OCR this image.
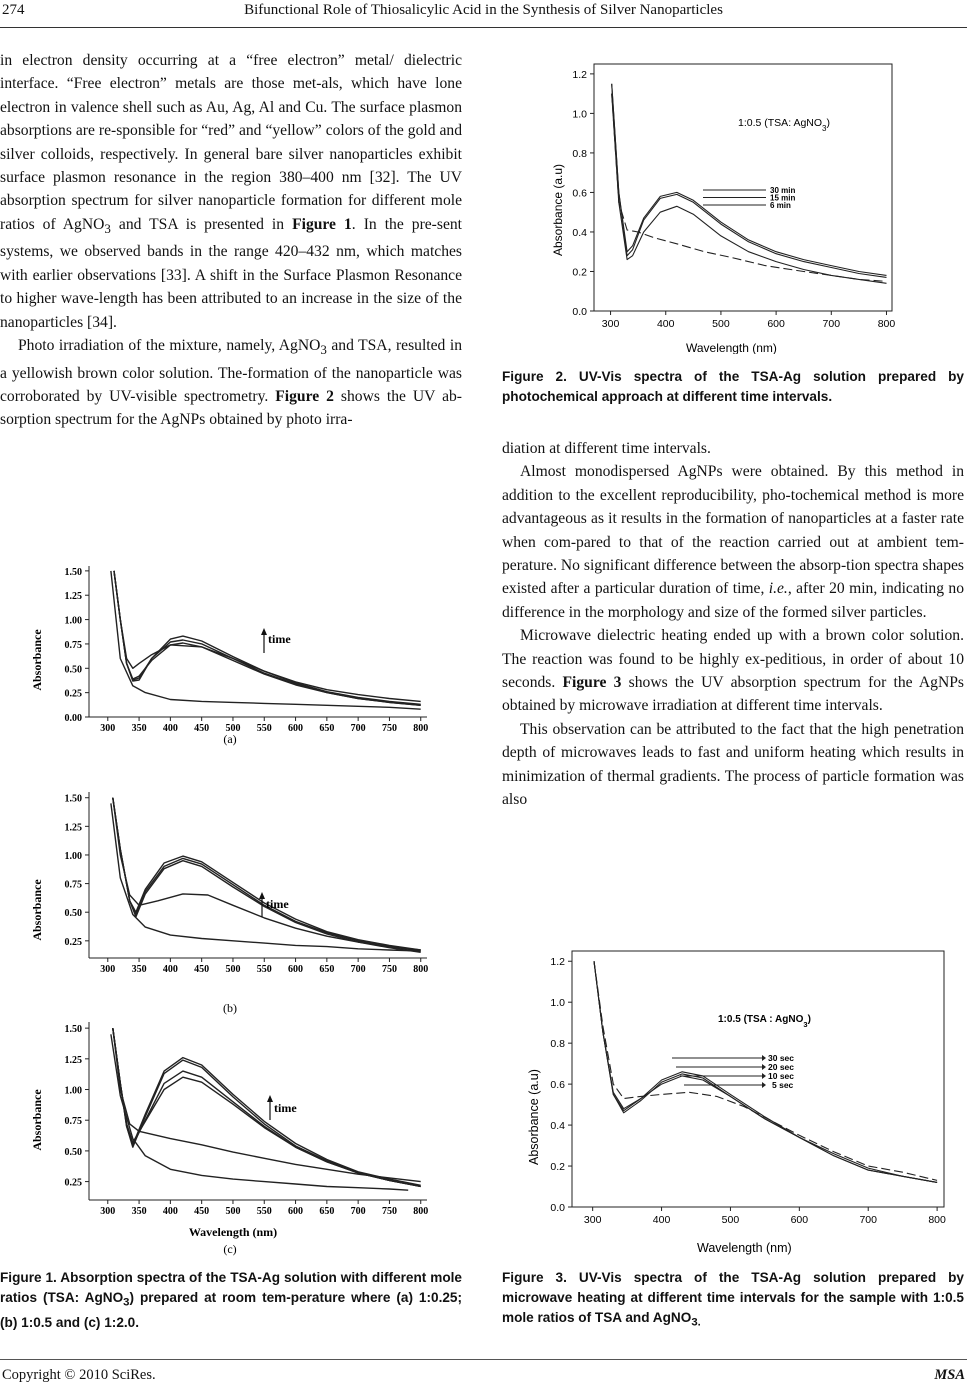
274	Bifunctional Role of Thiosalicylic Acid in the Synthesis of Silver Nanoparticles

in electron density occurring at a “free electron” metal/ dielectric interface. “Free electron” metals are those met-als, which have lone electron in valence shell such as Au, Ag, Al and Cu. The surface plasmon absorptions are re-sponsible for “red” and “yellow” colors of the gold and silver colloids, respectively. In general bare silver nanoparticles exhibit surface plasmon resonance in the region 380–400 nm [32]. The UV absorption spectrum for silver nanoparticle formation for different mole ratios of AgNO$_3$ and TSA is presented in Figure 1. In the pre-sent systems, we observed bands in the range 420–432 nm, which matches with earlier observations [33]. A shift in the Surface Plasmon Resonance to higher wave-length has been attributed to an increase in the size of the nanoparticles [34].

Photo irradiation of the mixture, namely, AgNO$_3$ and TSA, resulted in a yellowish brown color solution. The-formation of the nanoparticle was corroborated by UV-visible spectrometry. Figure 2 shows the UV ab-sorption spectrum for the AgNPs obtained by photo irra-

300	400	500	600	700	800
0.0
0.2
0.4
0.6
0.8
1.0
1.2
30 min
15 min
6 min
Wavelength (nm)
Absorbance (a.u)
1:0.5 (TSA: AgNO$_3$)
Figure 2. UV-Vis spectra of the TSA-Ag solution prepared by photochemical approach at different time intervals.

diation at different time intervals.

Almost monodispersed AgNPs were obtained. By this method in addition to the excellent reproducibility, pho-tochemical method is more advantageous as it results in the formation of nanoparticles at a faster rate when com-pared to that of the reaction carried out at ambient tem-perature. No significant difference between the absorp-tion spectra shapes existed after a particular duration of time, i.e., after 20 min, indicating no difference in the morphology and size of the formed silver particles.

Microwave dielectric heating ended up with a brown color solution. The reaction was found to be highly ex-peditious, in order of about 10 seconds. Figure 3 shows the UV absorption spectrum for the AgNPs obtained by microwave irradiation at different time intervals.

This observation can be attributed to the fact that the high penetration depth of microwaves leads to fast and uniform heating which results in minimization of thermal gradients. The process of particle formation was also

300 350 400 450 500 550 600 650 700 750 800
0.00
0.25
0.50
0.75
1.00
1.25
1.50
300 350 400 450 500 550 600 650 700 750 800
0.25
0.50
0.75
1.00
1.25
1.50
300 350 400 450 500 550 600 650 700 750 800
0.25
0.50
0.75
1.00
1.25
1.50
(a)
(b)
(c)
Wavelength (nm)
Absorbance
Absorbance
Absorbance
time
time
time
Figure 1. Absorption spectra of the TSA-Ag solution with different mole ratios (TSA: AgNO$_3$) prepared at room tem-perature where (a) 1:0.25; (b) 1:0.5 and (c) 1:2.0.
300	400	500	600	700	800
0.0
0.2
0.4
0.6
0.8
1.0
1.2
30 sec
20 sec
10 sec
5 sec
Wavelength (nm)
Absorbance (a.u)
1:0.5 (TSA : AgNO$_3$)
Figure 3. UV-Vis spectra of the TSA-Ag solution prepared by microwave heating at different time intervals for the sample with 1:0.5 mole ratios of TSA and AgNO$_{3.}$
Copyright © 2010 SciRes.	MSA
